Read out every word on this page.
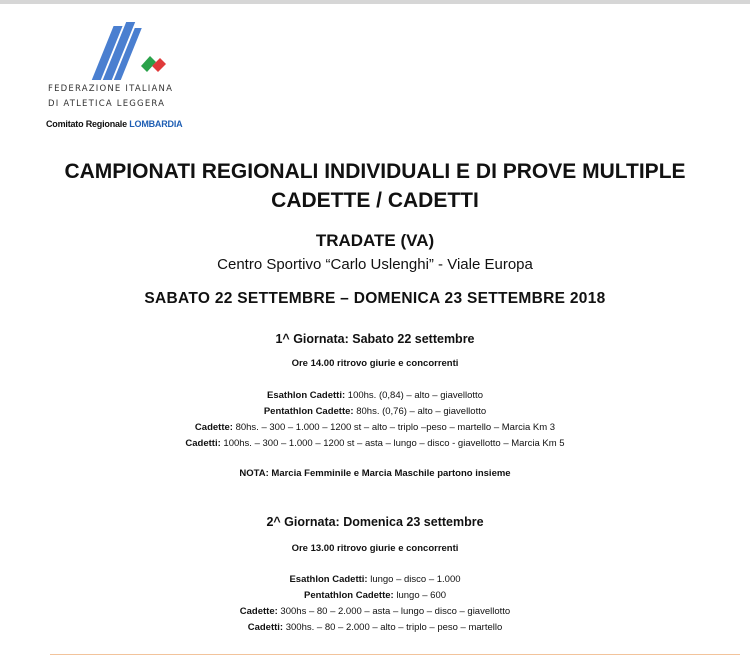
FEDERAZIONE ITALIANA
DI ATLETICA LEGGERA
Comitato Regionale LOMBARDIA
CAMPIONATI REGIONALI INDIVIDUALI E DI PROVE MULTIPLE
CADETTE / CADETTI
TRADATE (VA)
Centro Sportivo “Carlo Uslenghi” - Viale Europa
SABATO 22 SETTEMBRE – DOMENICA 23 SETTEMBRE 2018
1^ Giornata: Sabato 22 settembre
Ore 14.00 ritrovo giurie e concorrenti
Esathlon Cadetti: 100hs. (0,84) – alto – giavellotto
Pentathlon Cadette: 80hs. (0,76) – alto – giavellotto
Cadette: 80hs. – 300 – 1.000 – 1200 st – alto – triplo –peso – martello – Marcia Km 3
Cadetti: 100hs. – 300 – 1.000 – 1200 st – asta – lungo – disco - giavellotto – Marcia Km 5
NOTA: Marcia Femminile e Marcia Maschile partono insieme
2^ Giornata: Domenica 23 settembre
Ore 13.00 ritrovo giurie e concorrenti
Esathlon Cadetti: lungo – disco – 1.000
Pentathlon Cadette: lungo – 600
Cadette: 300hs – 80 – 2.000 – asta – lungo – disco – giavellotto
Cadetti: 300hs. – 80 – 2.000 – alto – triplo – peso – martello
